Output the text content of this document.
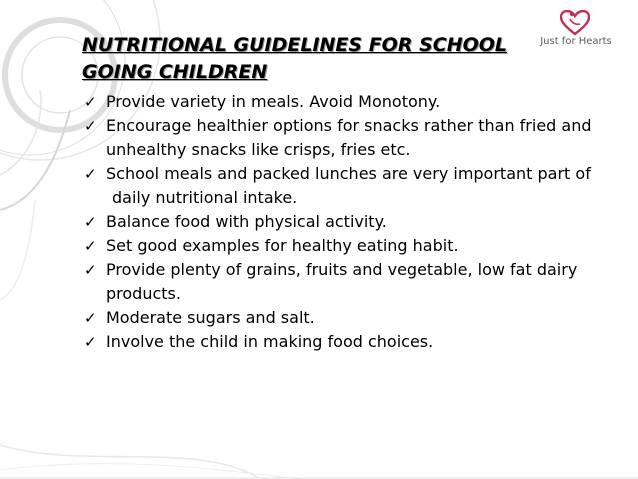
Just for Hearts
NUTRITIONAL GUIDELINES FOR SCHOOL
GOING CHILDREN
✓ Provide variety in meals. Avoid Monotony.
✓ Encourage healthier options for snacks rather than fried and unhealthy snacks like crisps, fries etc.
✓ School meals and packed lunches are very important part of
daily nutritional intake.
✓ Balance food with physical activity.
✓ Set good examples for healthy eating habit.
✓ Provide plenty of grains, fruits and vegetable, low fat dairy products.
✓ Moderate sugars and salt.
✓ Involve the child in making food choices.
